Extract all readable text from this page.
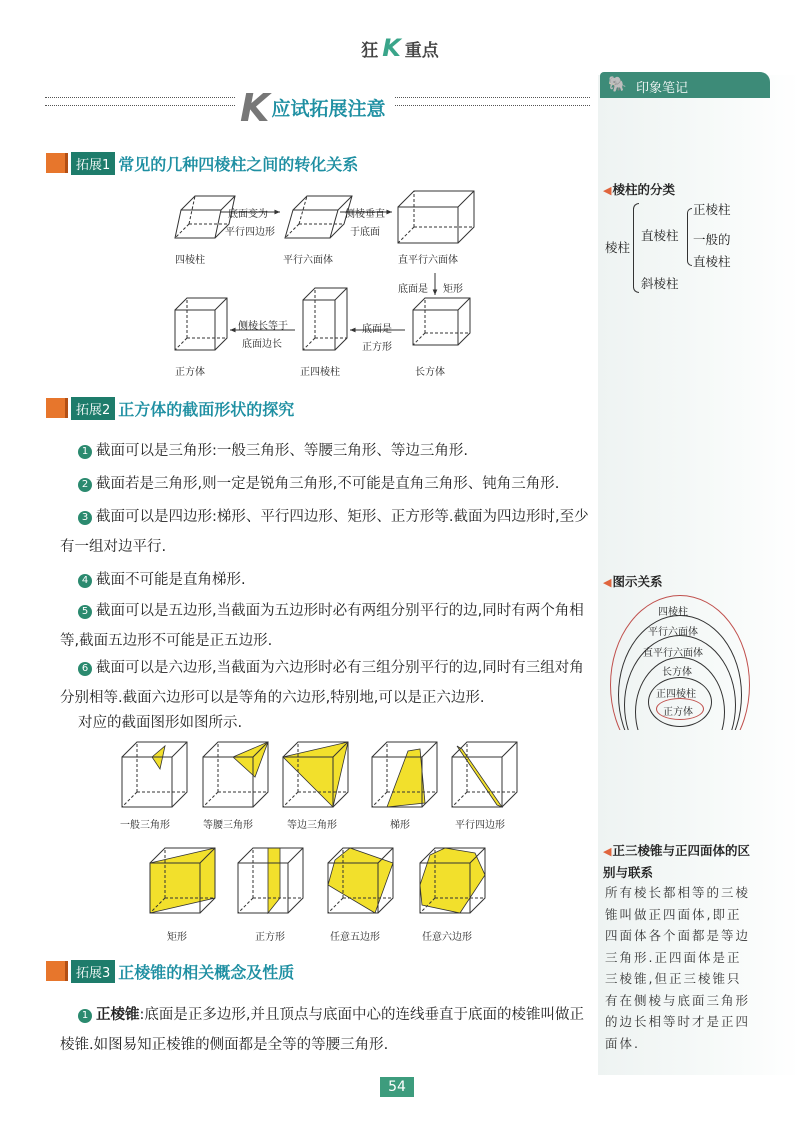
狂 K 重点
🐘 印象笔记
K应试拓展注意
拓展1 常见的几种四棱柱之间的转化关系
四棱柱	平行六面体	直平行六面体
长方体
正四棱柱
正方体
底面变为
平行四边形
侧棱垂直
于底面
底面是 矩形
底面是
正方形
侧棱长等于
底面边长
拓展2 正方体的截面形状的探究
1 截面可以是三角形:一般三角形、等腰三角形、等边三角形.
2 截面若是三角形,则一定是锐角三角形,不可能是直角三角形、钝角三角形.
3 截面可以是四边形:梯形、平行四边形、矩形、正方形等.截面为四边形时,至少有一组对边平行.
4 截面不可能是直角梯形.
5 截面可以是五边形,当截面为五边形时必有两组分别平行的边,同时有两个角相等,截面五边形不可能是正五边形.
6 截面可以是六边形,当截面为六边形时必有三组分别平行的边,同时有三组对角分别相等.截面六边形可以是等角的六边形,特别地,可以是正六边形.
对应的截面图形如图所示.
一般三角形	等腰三角形	等边三角形	梯形	平行四边形
矩形	正方形	任意五边形	任意六边形
拓展3 正棱锥的相关概念及性质
1 正棱锥:底面是正多边形,并且顶点与底面中心的连线垂直于底面的棱锥叫做正棱锥.如图易知正棱锥的侧面都是全等的等腰三角形.
◀ 棱柱的分类
棱柱
直棱柱
斜棱柱
正棱柱
一般的
直棱柱
◀ 图示关系
四棱柱
平行六面体
直平行六面体
长方体
正四棱柱
正方体
◀ 正三棱锥与正四面体的区别与联系
所有棱长都相等的三棱锥叫做正四面体,即正四面体各个面都是等边三角形.正四面体是正三棱锥,但正三棱锥只有在侧棱与底面三角形的边长相等时才是正四面体.
54
